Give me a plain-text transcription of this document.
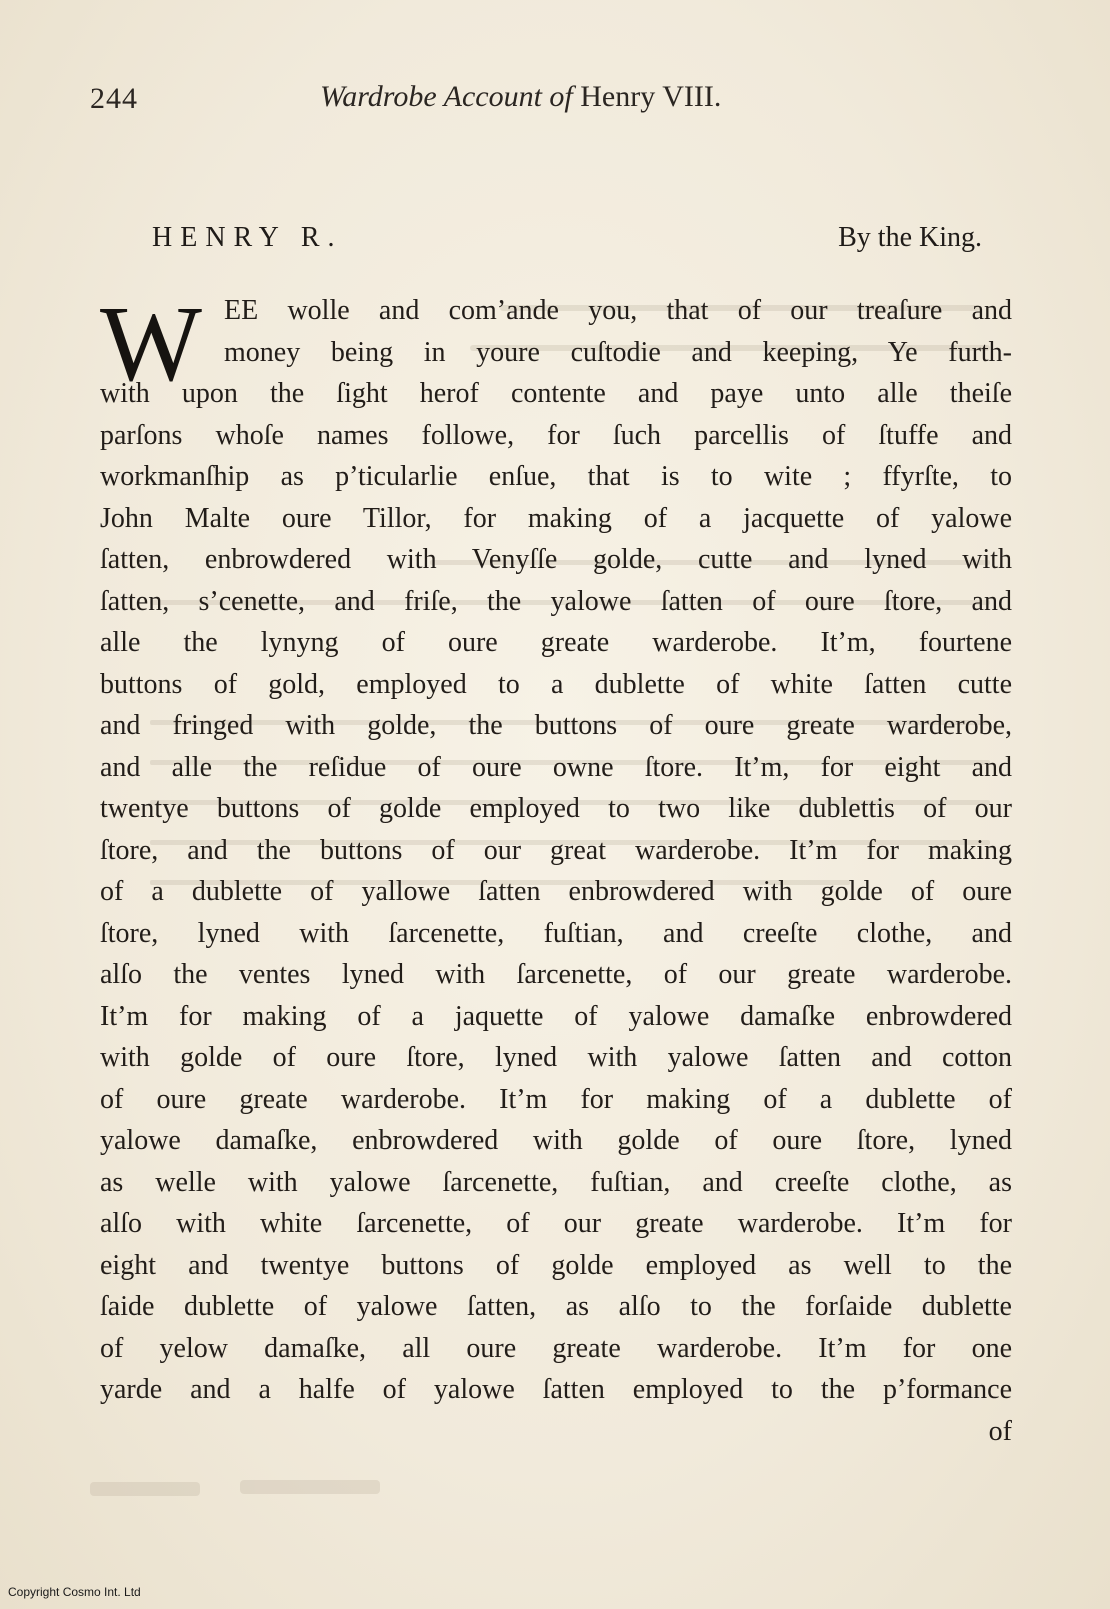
244	Wardrobe Account of Henry VIII.
HENRY R.	By the King.
W EE wolle and com’ande you, that of our treaſure and
money being in youre cuſtodie and keeping, Ye furth-
with upon the ſight herof contente and paye unto alle theiſe
parſons whoſe names followe, for ſuch parcellis of ſtuffe and
workmanſhip as p’ticularlie enſue, that is to wite ; ffyrſte, to
John Malte oure Tillor, for making of a jacquette of yalowe
ſatten, enbrowdered with Venyſſe golde, cutte and lyned with
ſatten, s’cenette, and friſe, the yalowe ſatten of oure ſtore, and
alle the lynyng of oure greate warderobe. It’m, fourtene
buttons of gold, employed to a dublette of white ſatten cutte
and fringed with golde, the buttons of oure greate warderobe,
and alle the reſidue of oure owne ſtore. It’m, for eight and
twentye buttons of golde employed to two like dublettis of our
ſtore, and the buttons of our great warderobe. It’m for making
of a dublette of yallowe ſatten enbrowdered with golde of oure
ſtore, lyned with ſarcenette, fuſtian, and creeſte clothe, and
alſo the ventes lyned with ſarcenette, of our greate warderobe.
It’m for making of a jaquette of yalowe damaſke enbrowdered
with golde of oure ſtore, lyned with yalowe ſatten and cotton
of oure greate warderobe. It’m for making of a dublette of
yalowe damaſke, enbrowdered with golde of oure ſtore, lyned
as welle with yalowe ſarcenette, fuſtian, and creeſte clothe, as
alſo with white ſarcenette, of our greate warderobe. It’m for
eight and twentye buttons of golde employed as well to the
ſaide dublette of yalowe ſatten, as alſo to the forſaide dublette
of yelow damaſke, all oure greate warderobe. It’m for one
yarde and a halfe of yalowe ſatten employed to the p’formance
of
Copyright Cosmo Int. Ltd
